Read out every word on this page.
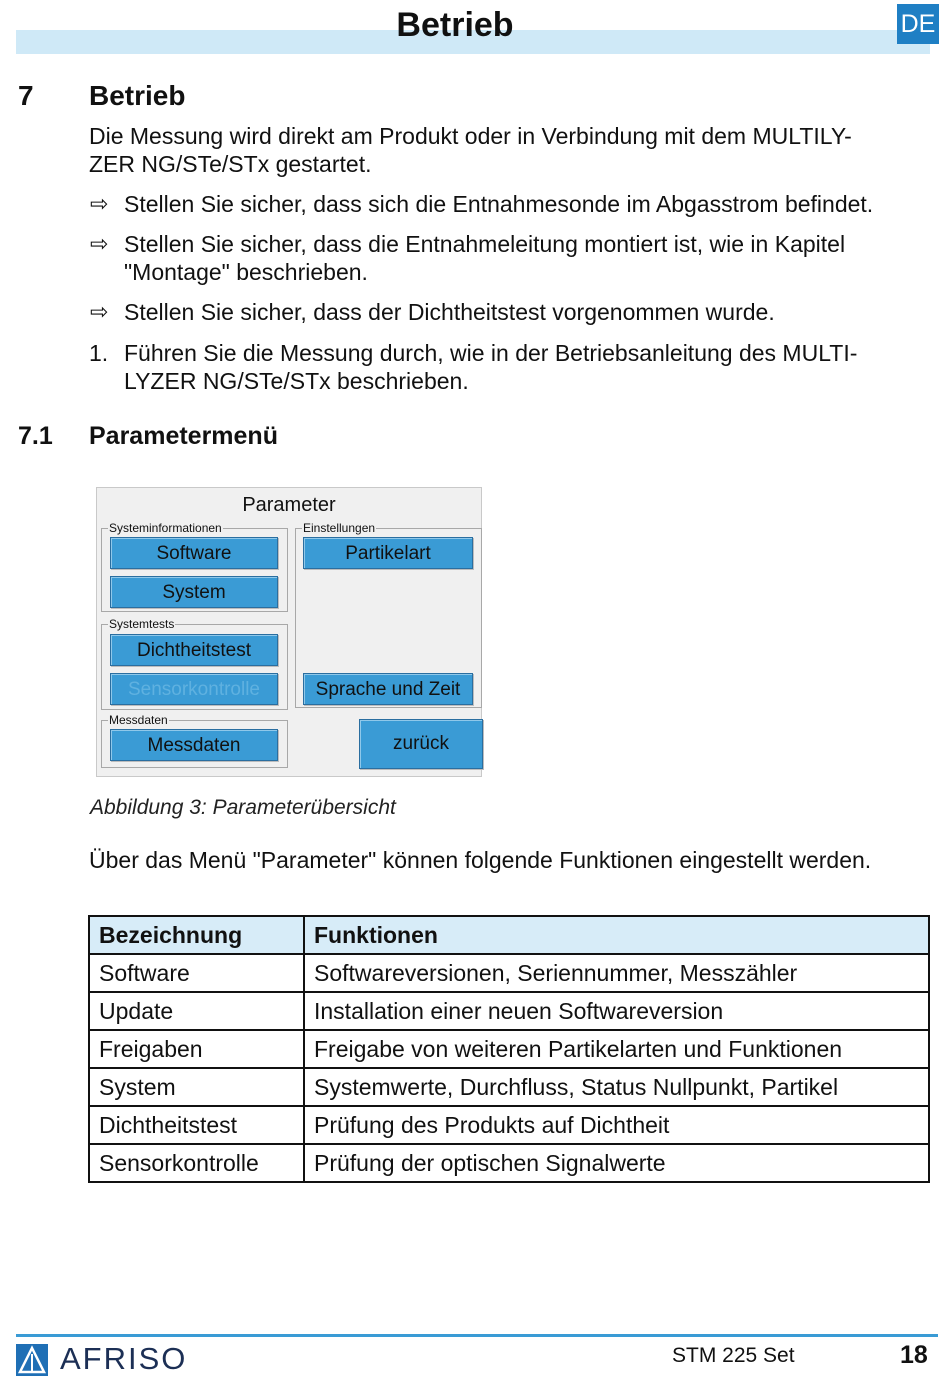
Betrieb	DE
7 Betrieb
Die Messung wird direkt am Produkt oder in Verbindung mit dem MULTILY-
ZER NG/STe/STx gestartet.
⇨ Stellen Sie sicher, dass sich die Entnahmesonde im Abgasstrom befindet.
⇨ Stellen Sie sicher, dass die Entnahmeleitung montiert ist, wie in Kapitel
"Montage" beschrieben.
⇨ Stellen Sie sicher, dass der Dichtheitstest vorgenommen wurde.
1. Führen Sie die Messung durch, wie in der Betriebsanleitung des MULTI-
LYZER NG/STe/STx beschrieben.
7.1 Parametermenü
Parameter
Systeminformationen	Einstellungen
Systemtests
Messdaten
Software
System
Partikelart
Dichtheitstest
Sensorkontrolle	Sprache und Zeit
Messdaten	zurück
Abbildung 3: Parameterübersicht
Über das Menü "Parameter" können folgende Funktionen eingestellt werden.
Bezeichnung	Funktionen
Software	Softwareversionen, Seriennummer, Messzähler
Update	Installation einer neuen Softwareversion
Freigaben	Freigabe von weiteren Partikelarten und Funktionen
System	Systemwerte, Durchfluss, Status Nullpunkt, Partikel
Dichtheitstest	Prüfung des Produkts auf Dichtheit
Sensorkontrolle	Prüfung der optischen Signalwerte
AFRISO	STM 225 Set	18
